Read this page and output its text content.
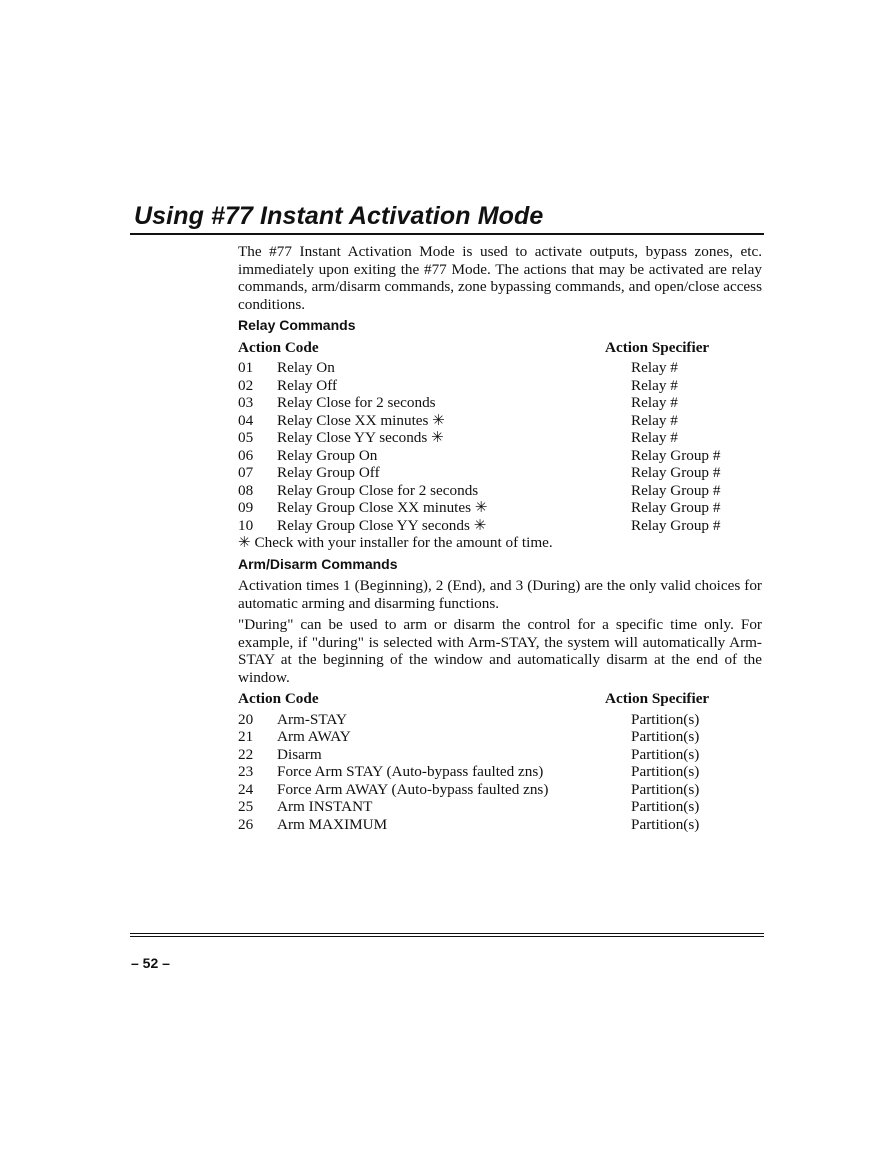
Using #77 Instant Activation Mode

The #77 Instant Activation Mode is used to activate outputs, bypass zones, etc. immediately upon exiting the #77 Mode. The actions that may be activated are relay commands, arm/disarm commands, zone bypassing commands, and open/close access conditions.

Relay Commands
Action Code	Action Specifier
01 Relay On	Relay #
02 Relay Off	Relay #
03 Relay Close for 2 seconds	Relay #
04 Relay Close XX minutes ✳	Relay #
05 Relay Close YY seconds ✳	Relay #
06 Relay Group On	Relay Group #
07 Relay Group Off	Relay Group #
08 Relay Group Close for 2 seconds	Relay Group #
09 Relay Group Close XX minutes ✳	Relay Group #
10 Relay Group Close YY seconds ✳	Relay Group #
✳ Check with your installer for the amount of time.
Arm/Disarm Commands

Activation times 1 (Beginning), 2 (End), and 3 (During) are the only valid choices for automatic arming and disarming functions.

"During" can be used to arm or disarm the control for a specific time only. For example, if "during" is selected with Arm-STAY, the system will automatically Arm-STAY at the beginning of the window and automatically disarm at the end of the window.

Action Code	Action Specifier
20 Arm-STAY	Partition(s)
21 Arm AWAY	Partition(s)
22 Disarm	Partition(s)
23 Force Arm STAY (Auto-bypass faulted zns)	Partition(s)
24 Force Arm AWAY (Auto-bypass faulted zns)	Partition(s)
25 Arm INSTANT	Partition(s)
26 Arm MAXIMUM	Partition(s)
– 52 –
